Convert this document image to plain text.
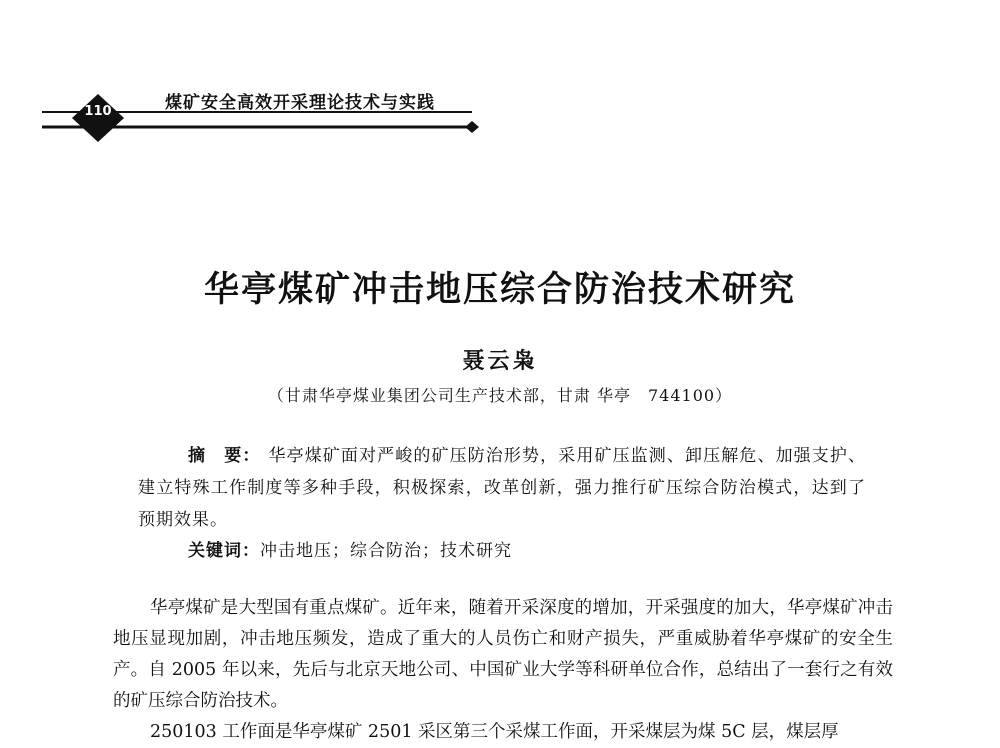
煤矿安全高效开采理论技术与实践
110
华亭煤矿冲击地压综合防治技术研究
聂云枭
（甘肃华亭煤业集团公司生产技术部，甘肃 华亭　744100）
摘　要： 华亭煤矿面对严峻的矿压防治形势，采用矿压监测、卸压解危、加强支护、建立特殊工作制度等多种手段，积极探索，改革创新，强力推行矿压综合防治模式，达到了预期效果。
关键词：冲击地压；综合防治；技术研究

华亭煤矿是大型国有重点煤矿。近年来，随着开采深度的增加，开采强度的加大，华亭煤矿冲击地压显现加剧，冲击地压频发，造成了重大的人员伤亡和财产损失，严重威胁着华亭煤矿的安全生产。自 2005 年以来，先后与北京天地公司、中国矿业大学等科研单位合作，总结出了一套行之有效的矿压综合防治技术。

250103 工作面是华亭煤矿 2501 采区第三个采煤工作面，开采煤层为煤 5C 层，煤层厚
